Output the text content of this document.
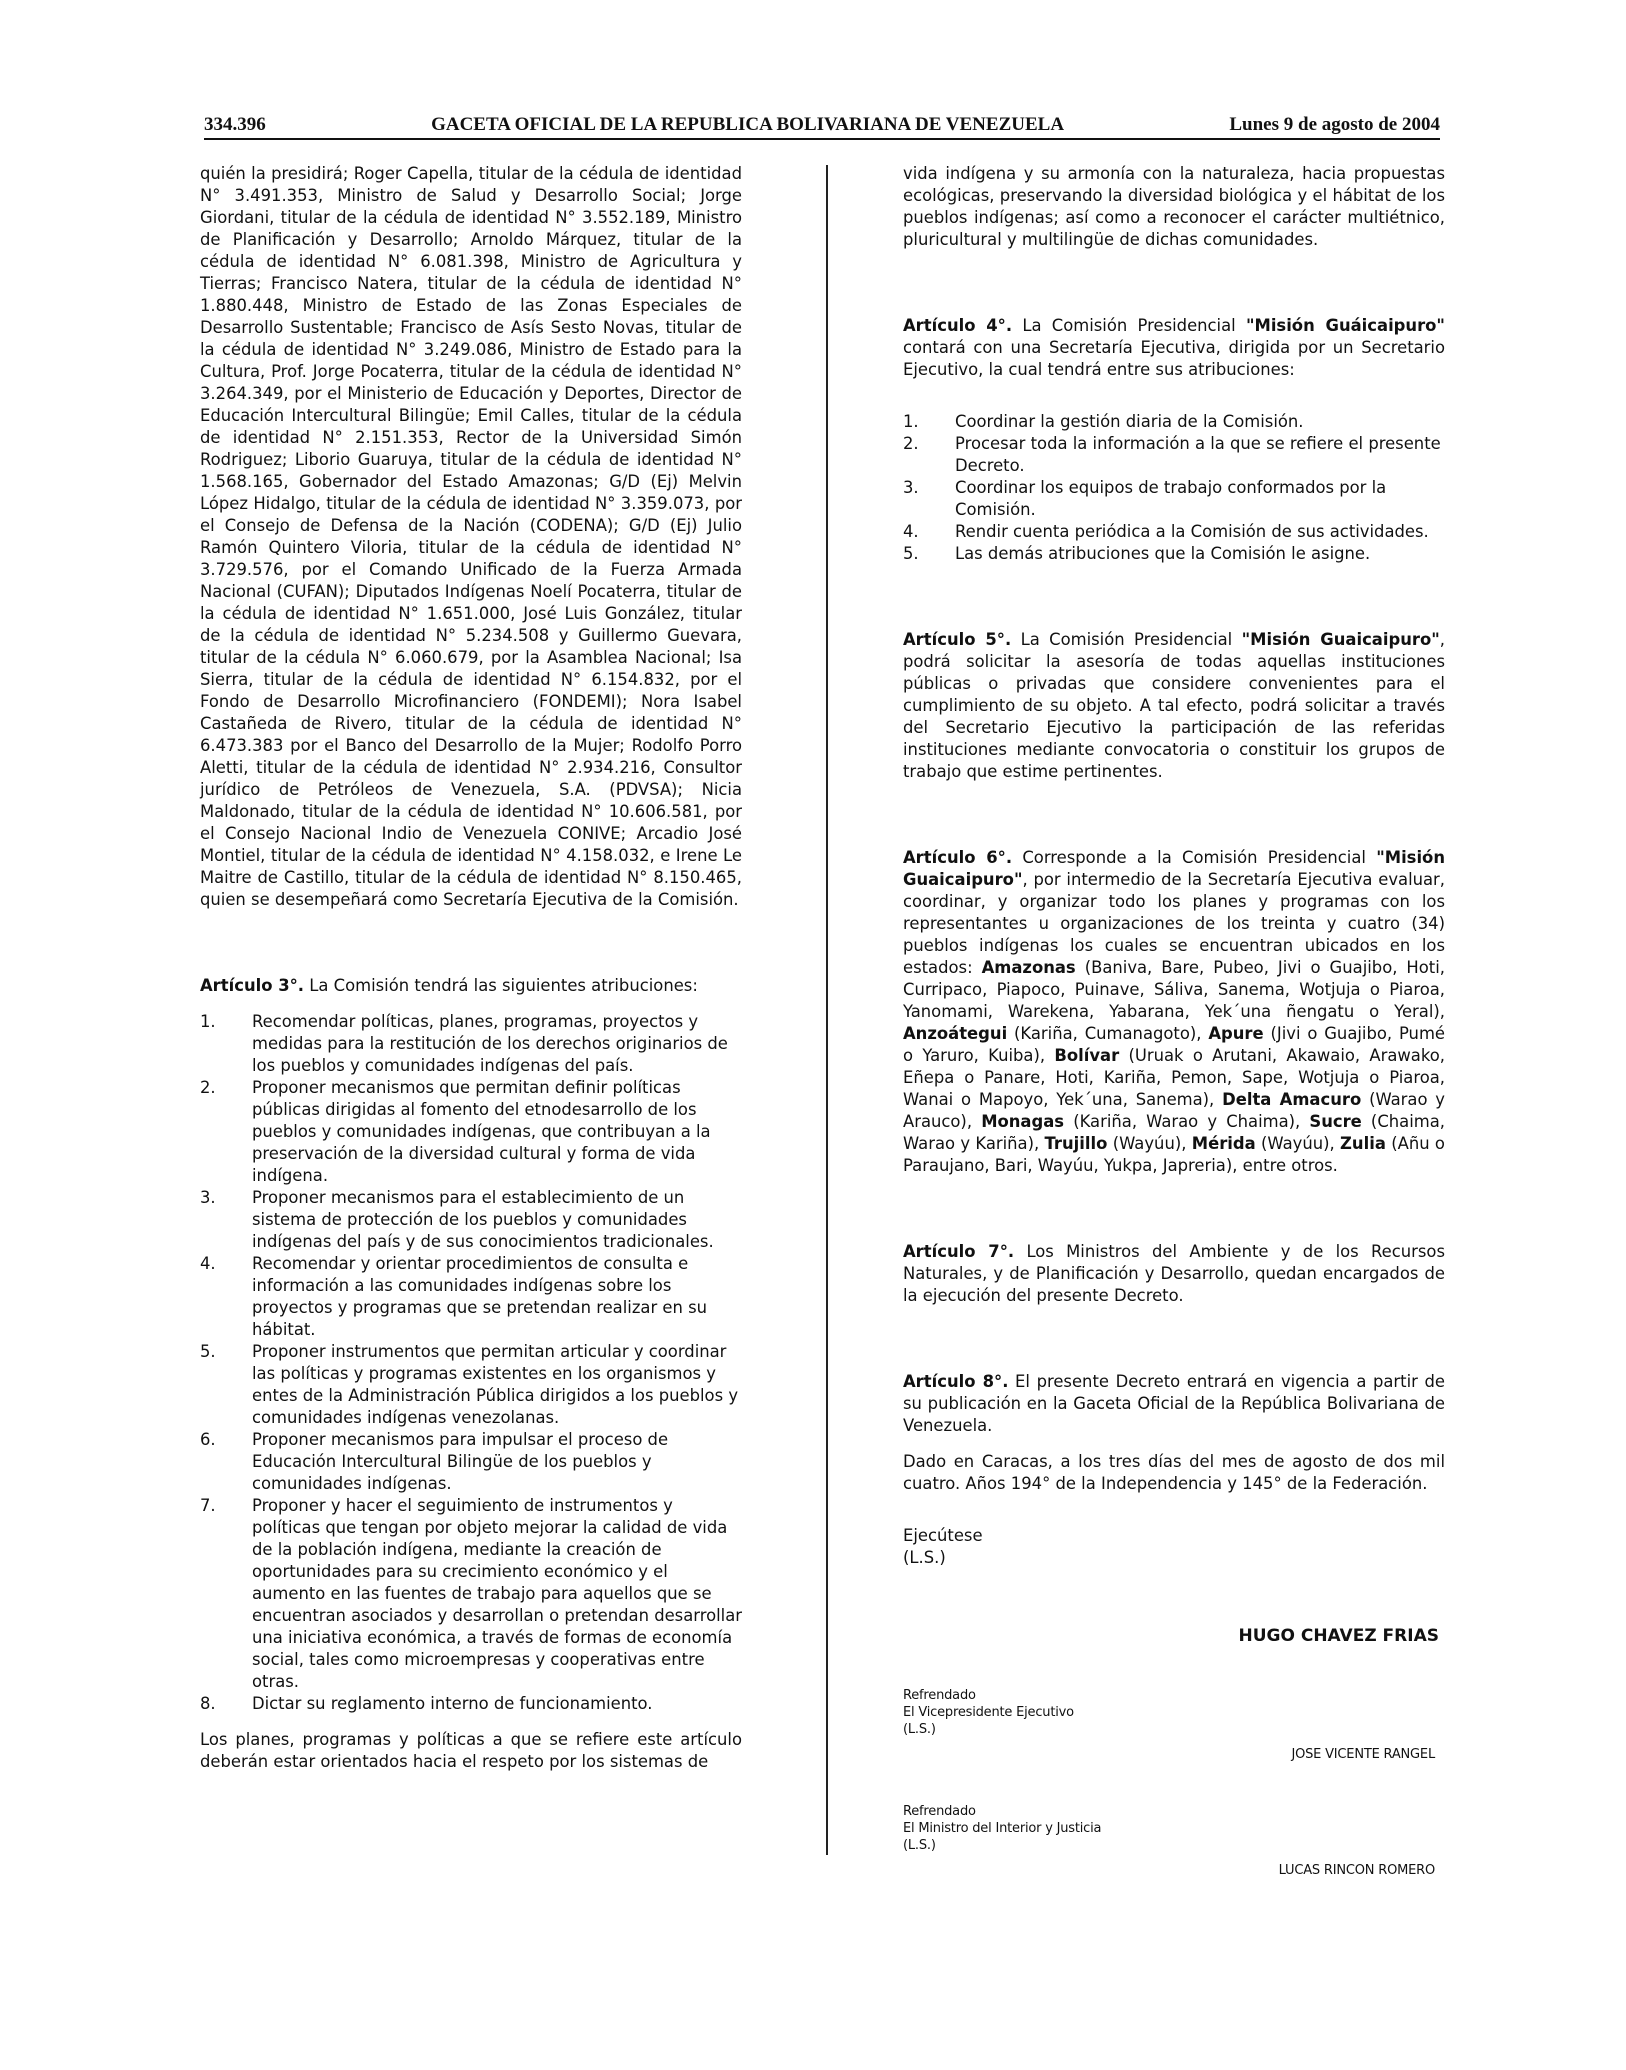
334.396	GACETA OFICIAL DE LA REPUBLICA BOLIVARIANA DE VENEZUELA	Lunes 9 de agosto de 2004

quién la presidirá; Roger Capella, titular de la cédula de identidad N° 3.491.353, Ministro de Salud y Desarrollo Social; Jorge Giordani, titular de la cédula de identidad N° 3.552.189, Ministro de Planificación y Desarrollo; Arnoldo Márquez, titular de la cédula de identidad N° 6.081.398, Ministro de Agricultura y Tierras; Francisco Natera, titular de la cédula de identidad N° 1.880.448, Ministro de Estado de las Zonas Especiales de Desarrollo Sustentable; Francisco de Asís Sesto Novas, titular de la cédula de identidad N° 3.249.086, Ministro de Estado para la Cultura, Prof. Jorge Pocaterra, titular de la cédula de identidad N° 3.264.349, por el Ministerio de Educación y Deportes, Director de Educación Intercultural Bilingüe; Emil Calles, titular de la cédula de identidad N° 2.151.353, Rector de la Universidad Simón Rodriguez; Liborio Guaruya, titular de la cédula de identidad N° 1.568.165, Gobernador del Estado Amazonas; G/D (Ej) Melvin López Hidalgo, titular de la cédula de identidad N° 3.359.073, por el Consejo de Defensa de la Nación (CODENA); G/D (Ej) Julio Ramón Quintero Viloria, titular de la cédula de identidad N° 3.729.576, por el Comando Unificado de la Fuerza Armada Nacional (CUFAN); Diputados Indígenas Noelí Pocaterra, titular de la cédula de identidad N° 1.651.000, José Luis González, titular de la cédula de identidad N° 5.234.508 y Guillermo Guevara, titular de la cédula N° 6.060.679, por la Asamblea Nacional; Isa Sierra, titular de la cédula de identidad N° 6.154.832, por el Fondo de Desarrollo Microfinanciero (FONDEMI); Nora Isabel Castañeda de Rivero, titular de la cédula de identidad N° 6.473.383 por el Banco del Desarrollo de la Mujer; Rodolfo Porro Aletti, titular de la cédula de identidad N° 2.934.216, Consultor jurídico de Petróleos de Venezuela, S.A. (PDVSA); Nicia Maldonado, titular de la cédula de identidad N° 10.606.581, por el Consejo Nacional Indio de Venezuela CONIVE; Arcadio José Montiel, titular de la cédula de identidad N° 4.158.032, e Irene Le Maitre de Castillo, titular de la cédula de identidad N° 8.150.465, quien se desempeñará como Secretaría Ejecutiva de la Comisión.

Artículo 3°. La Comisión tendrá las siguientes atribuciones:

1.	Recomendar políticas, planes, programas, proyectos y medidas para la restitución de los derechos originarios de los pueblos y comunidades indígenas del país.
2.	Proponer mecanismos que permitan definir políticas públicas dirigidas al fomento del etnodesarrollo de los pueblos y comunidades indígenas, que contribuyan a la preservación de la diversidad cultural y forma de vida indígena.
3.	Proponer mecanismos para el establecimiento de un sistema de protección de los pueblos y comunidades indígenas del país y de sus conocimientos tradicionales.
4.	Recomendar y orientar procedimientos de consulta e información a las comunidades indígenas sobre los proyectos y programas que se pretendan realizar en su hábitat.
5.	Proponer instrumentos que permitan articular y coordinar las políticas y programas existentes en los organismos y entes de la Administración Pública dirigidos a los pueblos y comunidades indígenas venezolanas.
6.	Proponer mecanismos para impulsar el proceso de Educación Intercultural Bilingüe de los pueblos y comunidades indígenas.
7.	Proponer y hacer el seguimiento de instrumentos y políticas que tengan por objeto mejorar la calidad de vida de la población indígena, mediante la creación de oportunidades para su crecimiento económico y el aumento en las fuentes de trabajo para aquellos que se encuentran asociados y desarrollan o pretendan desarrollar una iniciativa económica, a través de formas de economía social, tales como microempresas y cooperativas entre otras.
8.	Dictar su reglamento interno de funcionamiento.

Los planes, programas y políticas a que se refiere este artículo deberán estar orientados hacia el respeto por los sistemas de

vida indígena y su armonía con la naturaleza, hacia propuestas ecológicas, preservando la diversidad biológica y el hábitat de los pueblos indígenas; así como a reconocer el carácter multiétnico, pluricultural y multilingüe de dichas comunidades.

Artículo 4°. La Comisión Presidencial "Misión Guáicaipuro" contará con una Secretaría Ejecutiva, dirigida por un Secretario Ejecutivo, la cual tendrá entre sus atribuciones:

1.	Coordinar la gestión diaria de la Comisión.
2.	Procesar toda la información a la que se refiere el presente Decreto.
3.	Coordinar los equipos de trabajo conformados por la Comisión.
4.	Rendir cuenta periódica a la Comisión de sus actividades.
5.	Las demás atribuciones que la Comisión le asigne.

Artículo 5°. La Comisión Presidencial "Misión Guaicaipuro", podrá solicitar la asesoría de todas aquellas instituciones públicas o privadas que considere convenientes para el cumplimiento de su objeto. A tal efecto, podrá solicitar a través del Secretario Ejecutivo la participación de las referidas instituciones mediante convocatoria o constituir los grupos de trabajo que estime pertinentes.

Artículo 6°. Corresponde a la Comisión Presidencial "Misión Guaicaipuro", por intermedio de la Secretaría Ejecutiva evaluar, coordinar, y organizar todo los planes y programas con los representantes u organizaciones de los treinta y cuatro (34) pueblos indígenas los cuales se encuentran ubicados en los estados: Amazonas (Baniva, Bare, Pubeo, Jivi o Guajibo, Hoti, Curripaco, Piapoco, Puinave, Sáliva, Sanema, Wotjuja o Piaroa, Yanomami, Warekena, Yabarana, Yek´una ñengatu o Yeral), Anzoátegui (Kariña, Cumanagoto), Apure (Jivi o Guajibo, Pumé o Yaruro, Kuiba), Bolívar (Uruak o Arutani, Akawaio, Arawako, Eñepa o Panare, Hoti, Kariña, Pemon, Sape, Wotjuja o Piaroa, Wanai o Mapoyo, Yek´una, Sanema), Delta Amacuro (Warao y Arauco), Monagas (Kariña, Warao y Chaima), Sucre (Chaima, Warao y Kariña), Trujillo (Wayúu), Mérida (Wayúu), Zulia (Añu o Paraujano, Bari, Wayúu, Yukpa, Japreria), entre otros.

Artículo 7°. Los Ministros del Ambiente y de los Recursos Naturales, y de Planificación y Desarrollo, quedan encargados de la ejecución del presente Decreto.

Artículo 8°. El presente Decreto entrará en vigencia a partir de su publicación en la Gaceta Oficial de la República Bolivariana de Venezuela.

Dado en Caracas, a los tres días del mes de agosto de dos mil cuatro. Años 194° de la Independencia y 145° de la Federación.

Ejecútese

(L.S.)

HUGO CHAVEZ FRIAS
Refrendado
El Vicepresidente Ejecutivo
(L.S.)
JOSE VICENTE RANGEL
Refrendado
El Ministro del Interior y Justicia
(L.S.)
LUCAS RINCON ROMERO
